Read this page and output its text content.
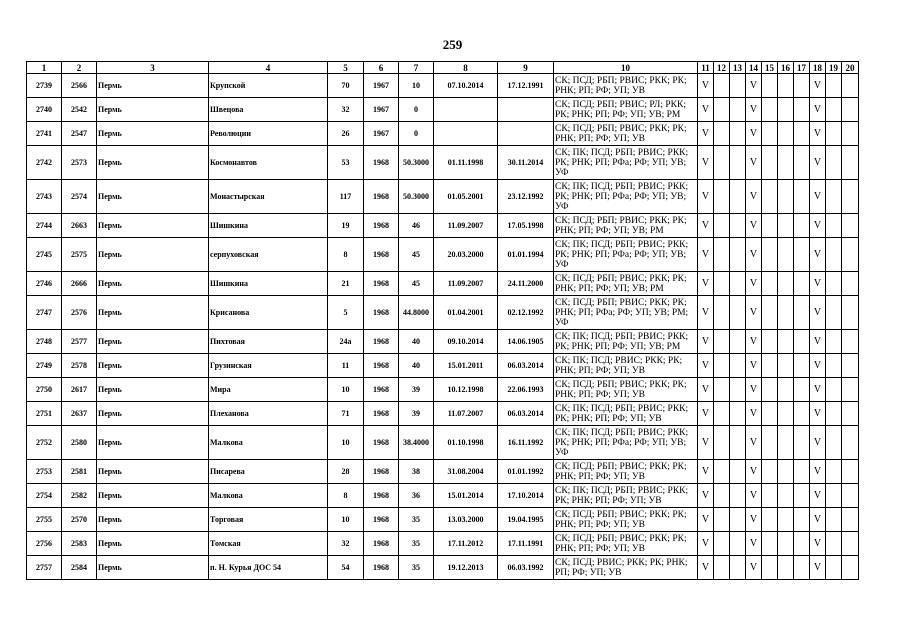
259
1	2	3	4	5	6	7	8	9	10	11	12	13	14	15	16	17	18	19	20
2739	2566	Пермь	Крупской	70	1967	10	07.10.2014	17.12.1991	СК; ПСД; РБП; РВИС; РКК; РК; РНК; РП; РФ; УП; УВ	V			V				V		
2740	2542	Пермь	Швецова	32	1967	0			СК; ПСД; РБП; РВИС; РЛ; РКК; РК; РНК; РП; РФ; УП; УВ; РМ	V			V				V		
2741	2547	Пермь	Революции	26	1967	0			СК; ПСД; РБП; РВИС; РКК; РК; РНК; РП; РФ; УП; УВ	V			V				V		
2742	2573	Пермь	Космонавтов	53	1968	50.3000	01.11.1998	30.11.2014	СК; ПК; ПСД; РБП; РВИС; РКК; РК; РНК; РП; РФа; РФ; УП; УВ; УФ	V			V				V		
2743	2574	Пермь	Монастырская	117	1968	50.3000	01.05.2001	23.12.1992	СК; ПК; ПСД; РБП; РВИС; РКК; РК; РНК; РП; РФа; РФ; УП; УВ; УФ	V			V				V		
2744	2663	Пермь	Шишкина	19	1968	46	11.09.2007	17.05.1998	СК; ПСД; РБП; РВИС; РКК; РК; РНК; РП; РФ; УП; УВ; РМ	V			V				V		
2745	2575	Пермь	серпуховская	8	1968	45	20.03.2000	01.01.1994	СК; ПК; ПСД; РБП; РВИС; РКК; РК; РНК; РП; РФа; РФ; УП; УВ; УФ	V			V				V		
2746	2666	Пермь	Шишкина	21	1968	45	11.09.2007	24.11.2000	СК; ПСД; РБП; РВИС; РКК; РК; РНК; РП; РФ; УП; УВ; РМ	V			V				V		
2747	2576	Пермь	Крисанова	5	1968	44.8000	01.04.2001	02.12.1992	СК; ПСД; РБП; РВИС; РКК; РК; РНК; РП; РФа; РФ; УП; УВ; РМ; УФ	V			V				V		
2748	2577	Пермь	Пихтовая	24а	1968	40	09.10.2014	14.06.1905	СК; ПК; ПСД; РБП; РВИС; РКК; РК; РНК; РП; РФ; УП; УВ; РМ	V			V				V		
2749	2578	Пермь	Грузинская	11	1968	40	15.01.2011	06.03.2014	СК; ПК; ПСД; РВИС; РКК; РК; РНК; РП; РФ; УП; УВ	V			V				V		
2750	2617	Пермь	Мира	10	1968	39	10.12.1998	22.06.1993	СК; ПСД; РБП; РВИС; РКК; РК; РНК; РП; РФ; УП; УВ	V			V				V		
2751	2637	Пермь	Плеханова	71	1968	39	11.07.2007	06.03.2014	СК; ПК; ПСД; РБП; РВИС; РКК; РК; РНК; РП; РФ; УП; УВ	V			V				V		
2752	2580	Пермь	Малкова	10	1968	38.4000	01.10.1998	16.11.1992	СК; ПК; ПСД; РБП; РВИС; РКК; РК; РНК; РП; РФа; РФ; УП; УВ; УФ	V			V				V		
2753	2581	Пермь	Писарева	28	1968	38	31.08.2004	01.01.1992	СК; ПСД; РБП; РВИС; РКК; РК; РНК; РП; РФ; УП; УВ	V			V				V		
2754	2582	Пермь	Малкова	8	1968	36	15.01.2014	17.10.2014	СК; ПК; ПСД; РБП; РВИС; РКК; РК; РНК; РП; РФ; УП; УВ	V			V				V		
2755	2570	Пермь	Торговая	10	1968	35	13.03.2000	19.04.1995	СК; ПСД; РБП; РВИС; РКК; РК; РНК; РП; РФ; УП; УВ	V			V				V		
2756	2583	Пермь	Томская	32	1968	35	17.11.2012	17.11.1991	СК; ПСД; РБП; РВИС; РКК; РК; РНК; РП; РФ; УП; УВ	V			V				V		
2757	2584	Пермь	п. Н. Курья ДОС 54	54	1968	35	19.12.2013	06.03.1992	СК; ПСД; РВИС; РКК; РК; РНК; РП; РФ; УП; УВ	V			V				V		
